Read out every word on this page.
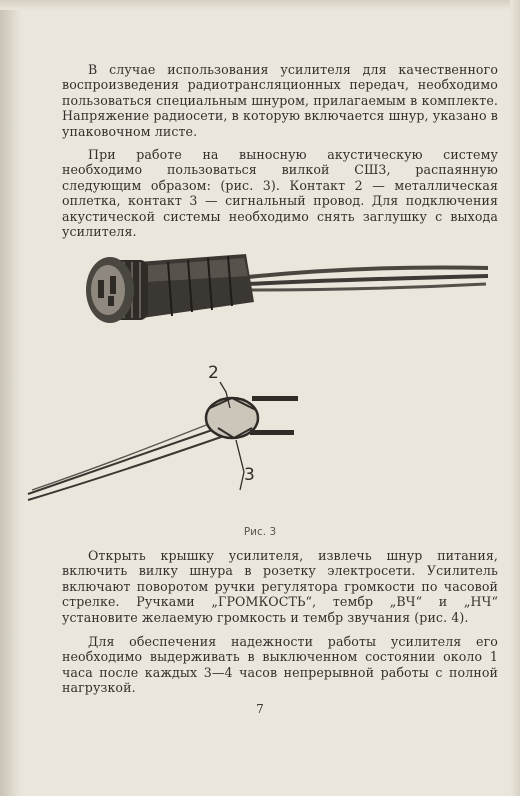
В случае использования усилителя для качественного воспроизведения радиотрансляционных передач, необходимо пользоваться специальным шнуром, прилагаемым в комплекте. Напряжение радиосети, в которую включается шнур, указано в упаковочном листе.

При работе на выносную акустическую систему необходимо пользоваться вилкой СШ3, распаянную следующим образом: (рис. 3). Контакт 2 — металлическая оплетка, контакт 3 — сигнальный провод. Для подключения акустической системы необходимо снять заглушку с выхода усилителя.

2
3

Рис. 3

Открыть крышку усилителя, извлечь шнур питания, включить вилку шнура в розетку электросети. Усилитель включают поворотом ручки регулятора громкости по часовой стрелке. Ручками „ГРОМКОСТЬ“, тембр „ВЧ“ и „НЧ“ установите желаемую громкость и тембр звучания (рис. 4).

Для обеспечения надежности работы усилителя его необходимо выдерживать в выключенном состоянии около 1 часа после каждых 3—4 часов непрерывной работы с полной нагрузкой.

7
